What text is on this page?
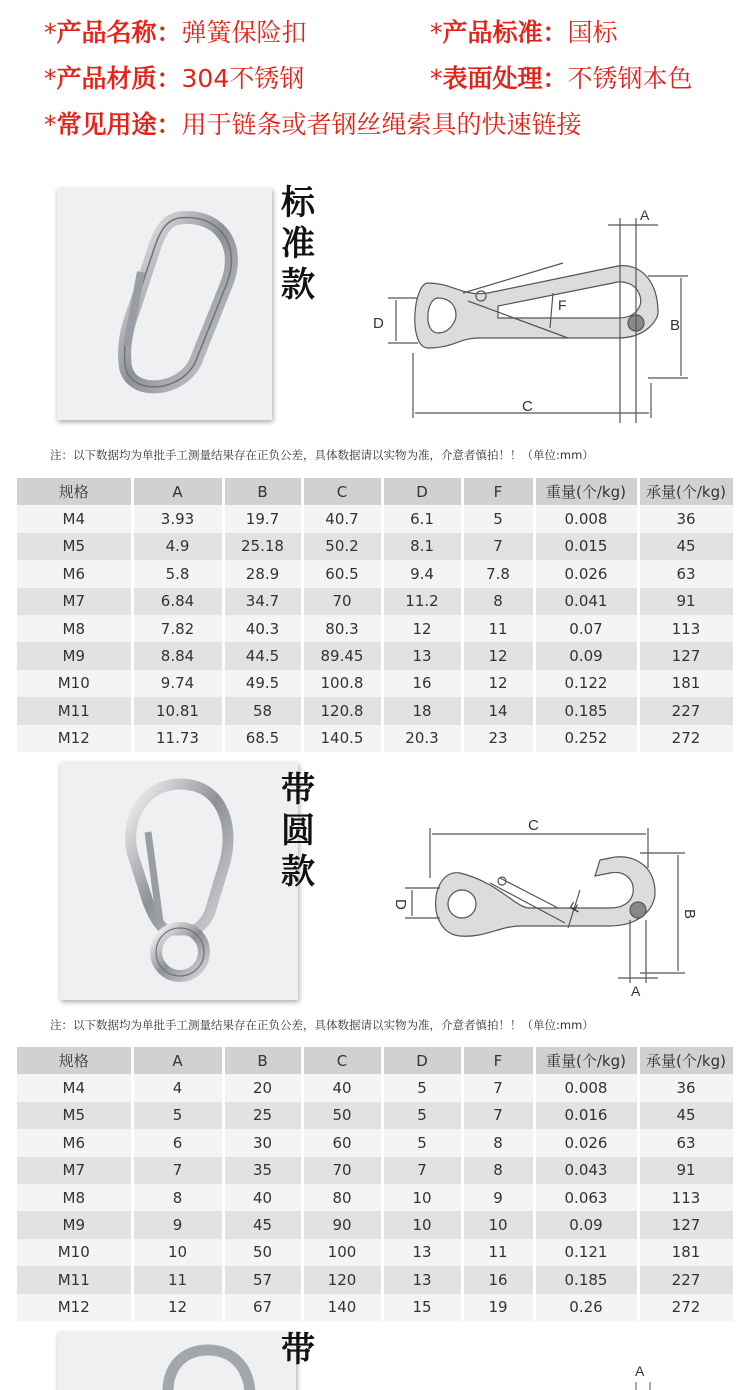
*产品名称：弹簧保险扣	*产品标准：国标
*产品材质：304不锈钢	*表面处理：不锈钢本色
*常见用途：用于链条或者钢丝绳索具的快速链接
标准款
A
B
C
D
F
注：以下数据均为单批手工测量结果存在正负公差，具体数据请以实物为准，介意者慎拍！！（单位:mm）
规格	A	B	C	D	F	重量(个/kg)	承量(个/kg)
M4	3.93	19.7	40.7	6.1	5	0.008	36
M5	4.9	25.18	50.2	8.1	7	0.015	45
M6	5.8	28.9	60.5	9.4	7.8	0.026	63
M7	6.84	34.7	70	11.2	8	0.041	91
M8	7.82	40.3	80.3	12	11	0.07	113
M9	8.84	44.5	89.45	13	12	0.09	127
M10	9.74	49.5	100.8	16	12	0.122	181
M11	10.81	58	120.8	18	14	0.185	227
M12	11.73	68.5	140.5	20.3	23	0.252	272
带圆款
C
B
D	F
A
注：以下数据均为单批手工测量结果存在正负公差，具体数据请以实物为准，介意者慎拍！！（单位:mm）
规格	A	B	C	D	F	重量(个/kg)	承量(个/kg)
M4	4	20	40	5	7	0.008	36
M5	5	25	50	5	7	0.016	45
M6	6	30	60	5	8	0.026	63
M7	7	35	70	7	8	0.043	91
M8	8	40	80	10	9	0.063	113
M9	9	45	90	10	10	0.09	127
M10	10	50	100	13	11	0.121	181
M11	11	57	120	13	16	0.185	227
M12	12	67	140	15	19	0.26	272
带
A
